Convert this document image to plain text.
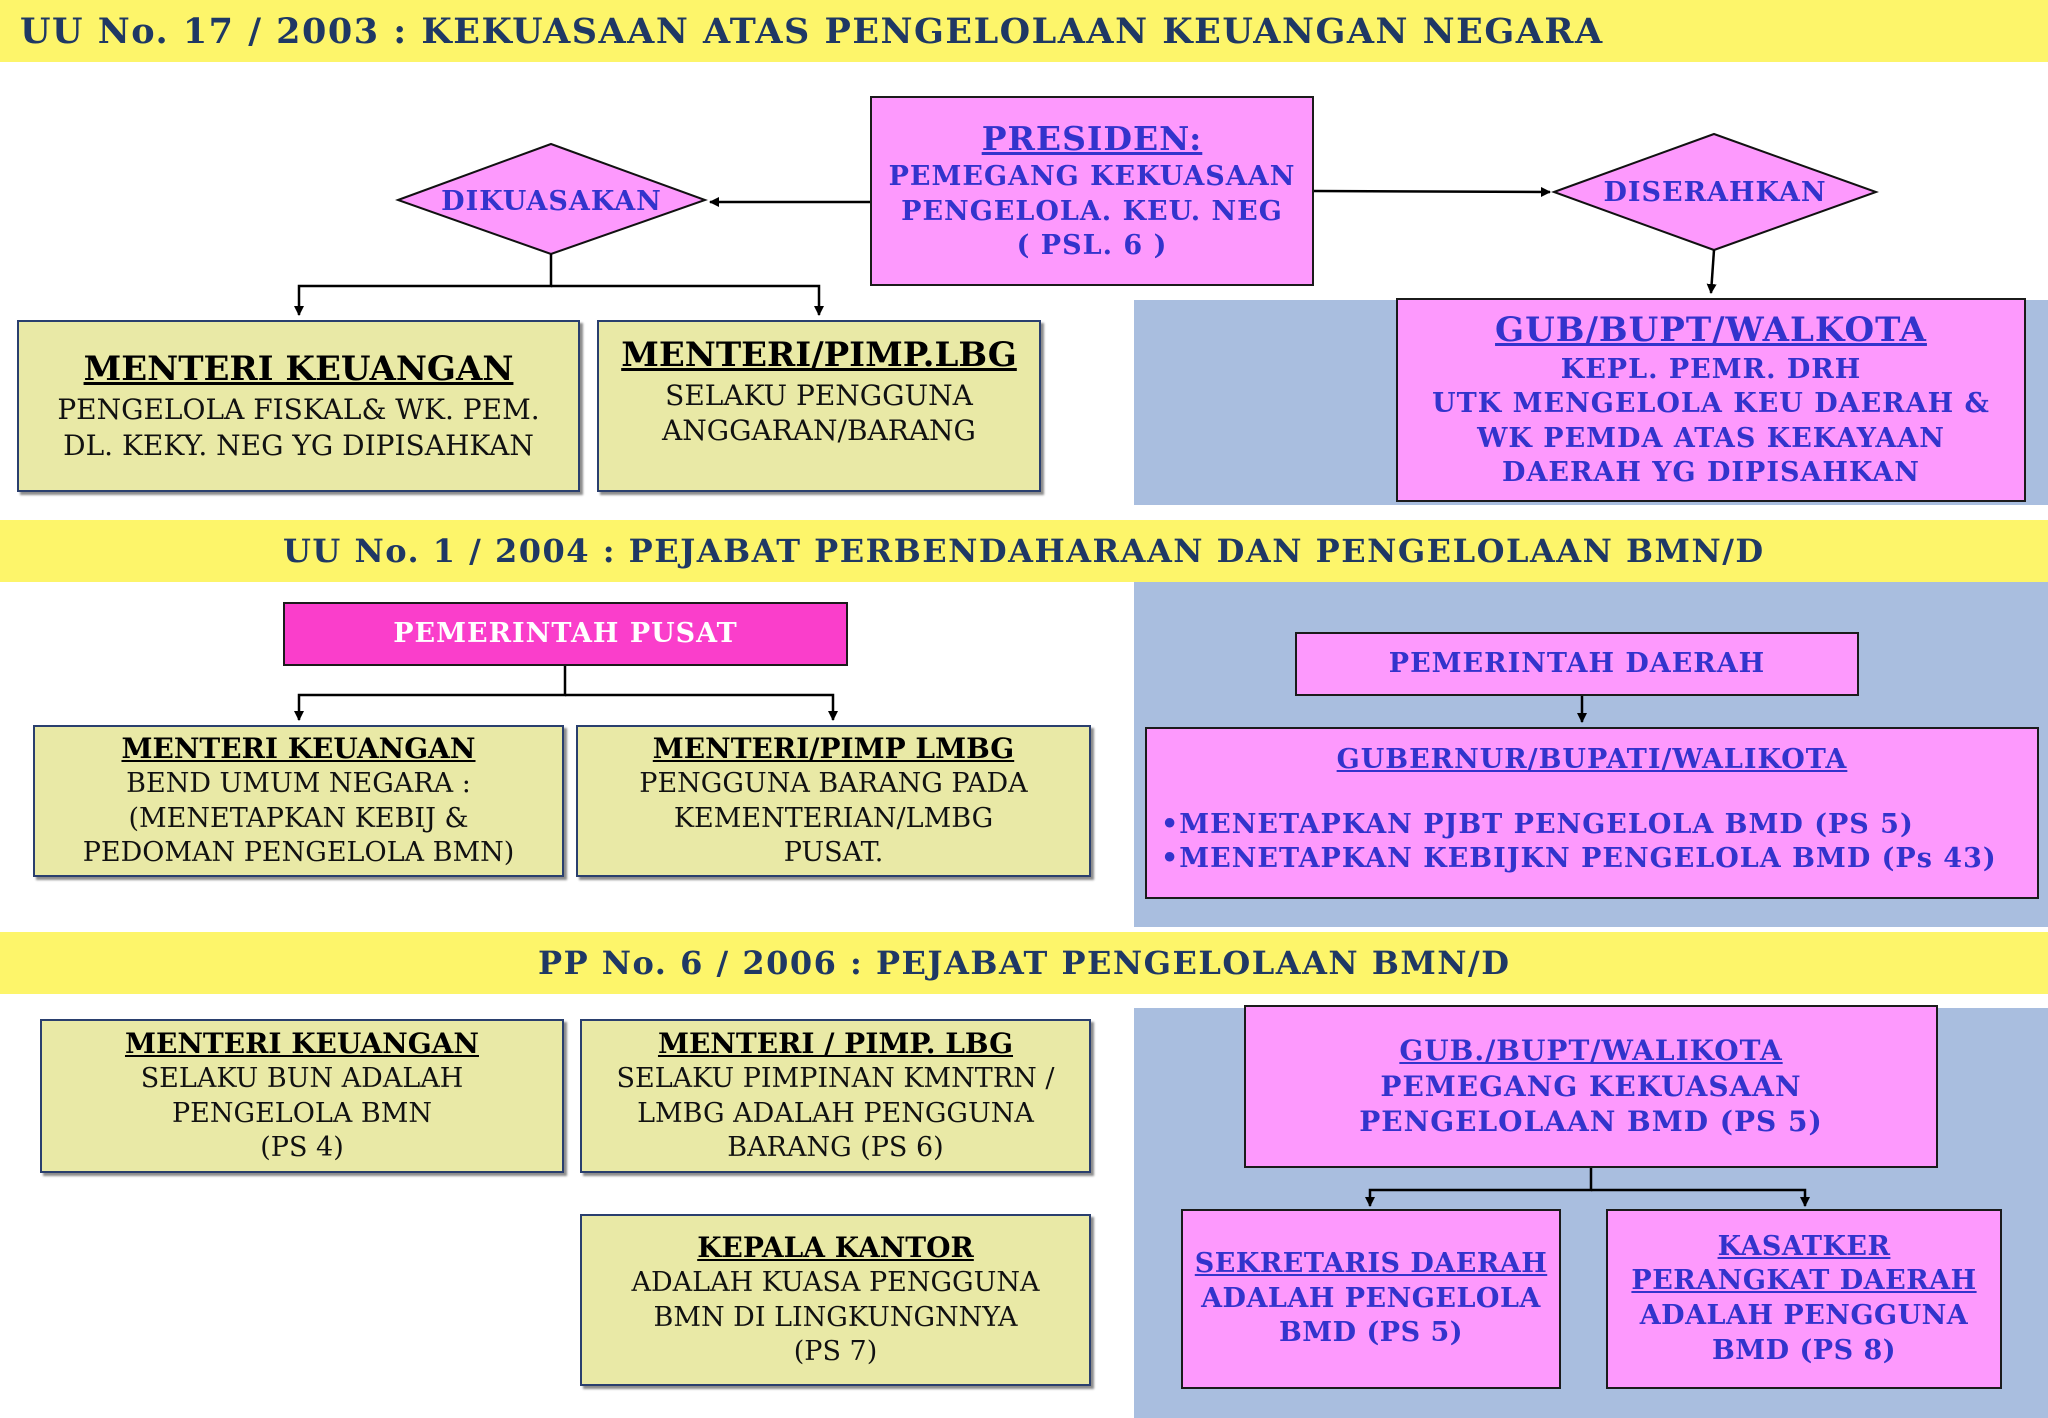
UU No. 17 / 2003 : KEKUASAAN ATAS PENGELOLAAN KEUANGAN NEGARA
UU No. 1 / 2004 : PEJABAT PERBENDAHARAAN DAN PENGELOLAAN BMN/D
PP No. 6 / 2006 : PEJABAT PENGELOLAAN BMN/D
DIKUASAKAN	DISERAHKAN
PRESIDEN:
PEMEGANG KEKUASAAN
PENGELOLA. KEU. NEG
( PSL. 6 )
MENTERI KEUANGAN
PENGELOLA FISKAL& WK. PEM.
DL. KEKY. NEG YG DIPISAHKAN
MENTERI/PIMP.LBG
SELAKU PENGGUNA
ANGGARAN/BARANG
GUB/BUPT/WALKOTA
KEPL. PEMR. DRH
UTK MENGELOLA KEU DAERAH &
WK PEMDA ATAS KEKAYAAN
DAERAH YG DIPISAHKAN
PEMERINTAH PUSAT
MENTERI KEUANGAN
BEND UMUM NEGARA :
(MENETAPKAN KEBIJ &
PEDOMAN PENGELOLA BMN)
MENTERI/PIMP LMBG
PENGGUNA BARANG PADA
KEMENTERIAN/LMBG
PUSAT.
PEMERINTAH DAERAH
GUBERNUR/BUPATI/WALIKOTA
•MENETAPKAN PJBT PENGELOLA BMD (PS 5)
•MENETAPKAN KEBIJKN PENGELOLA BMD (Ps 43)
MENTERI KEUANGAN
SELAKU BUN ADALAH
PENGELOLA BMN
(PS 4)
MENTERI / PIMP. LBG
SELAKU PIMPINAN KMNTRN /
LMBG ADALAH PENGGUNA
BARANG (PS 6)
KEPALA KANTOR
ADALAH KUASA PENGGUNA
BMN DI LINGKUNGNNYA
(PS 7)
GUB./BUPT/WALIKOTA
PEMEGANG KEKUASAAN
PENGELOLAAN BMD (PS 5)
SEKRETARIS DAERAH
ADALAH PENGELOLA
BMD (PS 5)
KASATKER
PERANGKAT DAERAH
ADALAH PENGGUNA
BMD (PS 8)
